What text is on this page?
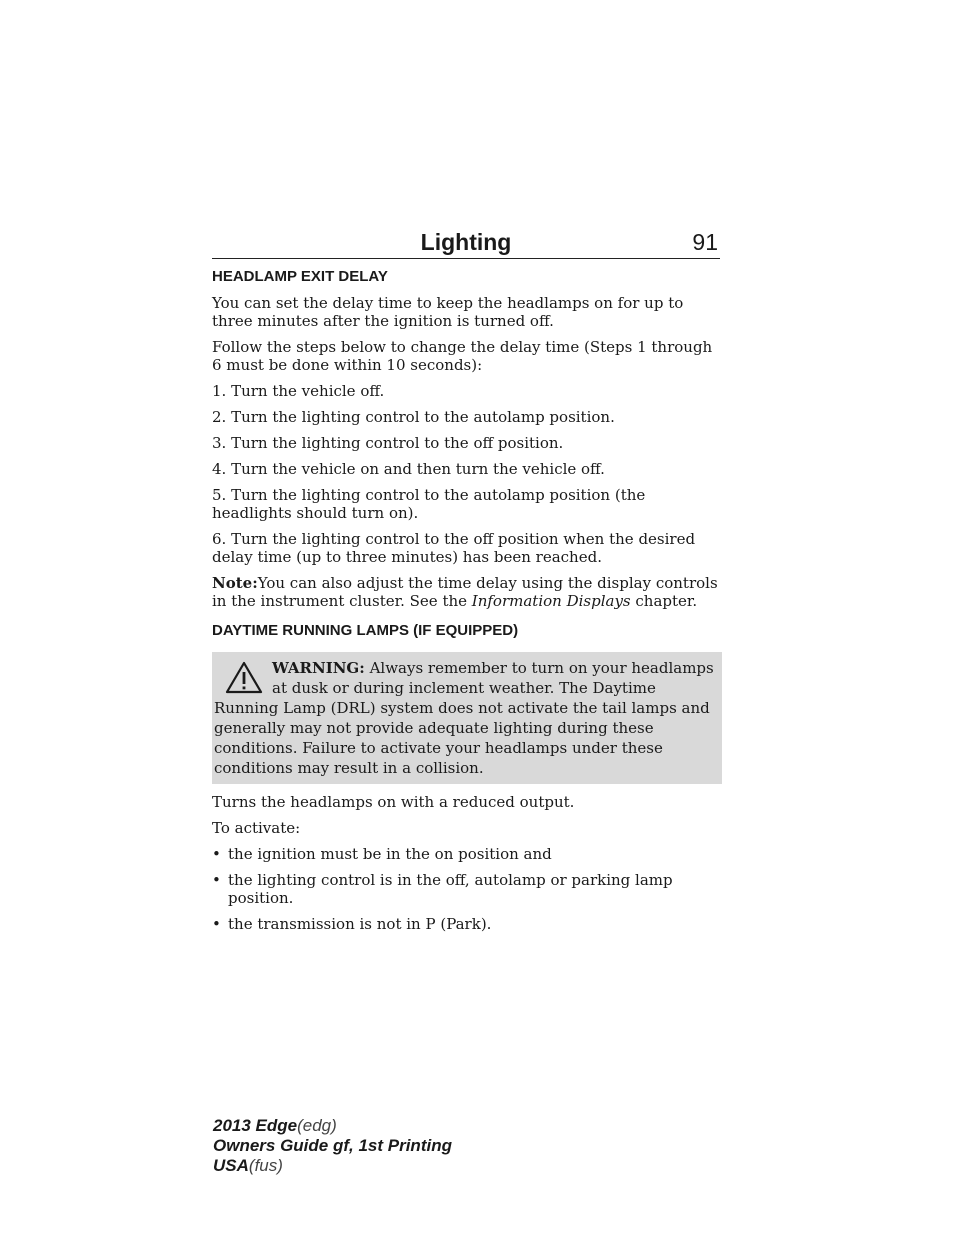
Lighting	91
HEADLAMP EXIT DELAY

You can set the delay time to keep the headlamps on for up to three minutes after the ignition is turned off.

Follow the steps below to change the delay time (Steps 1 through 6 must be done within 10 seconds):

1. Turn the vehicle off.

2. Turn the lighting control to the autolamp position.

3. Turn the lighting control to the off position.

4. Turn the vehicle on and then turn the vehicle off.

5. Turn the lighting control to the autolamp position (the headlights should turn on).

6. Turn the lighting control to the off position when the desired delay time (up to three minutes) has been reached.

Note:You can also adjust the time delay using the display controls in the instrument cluster. See the Information Displays chapter.

DAYTIME RUNNING LAMPS (IF EQUIPPED)
WARNING: Always remember to turn on your headlamps at dusk or during inclement weather. The Daytime Running Lamp (DRL) system does not activate the tail lamps and generally may not provide adequate lighting during these conditions. Failure to activate your headlamps under these conditions may result in a collision.

Turns the headlamps on with a reduced output.

To activate:

• the ignition must be in the on position and
• the lighting control is in the off, autolamp or parking lamp position.
• the transmission is not in P (Park).
2013 Edge(edg)
Owners Guide gf, 1st Printing
USA(fus)
